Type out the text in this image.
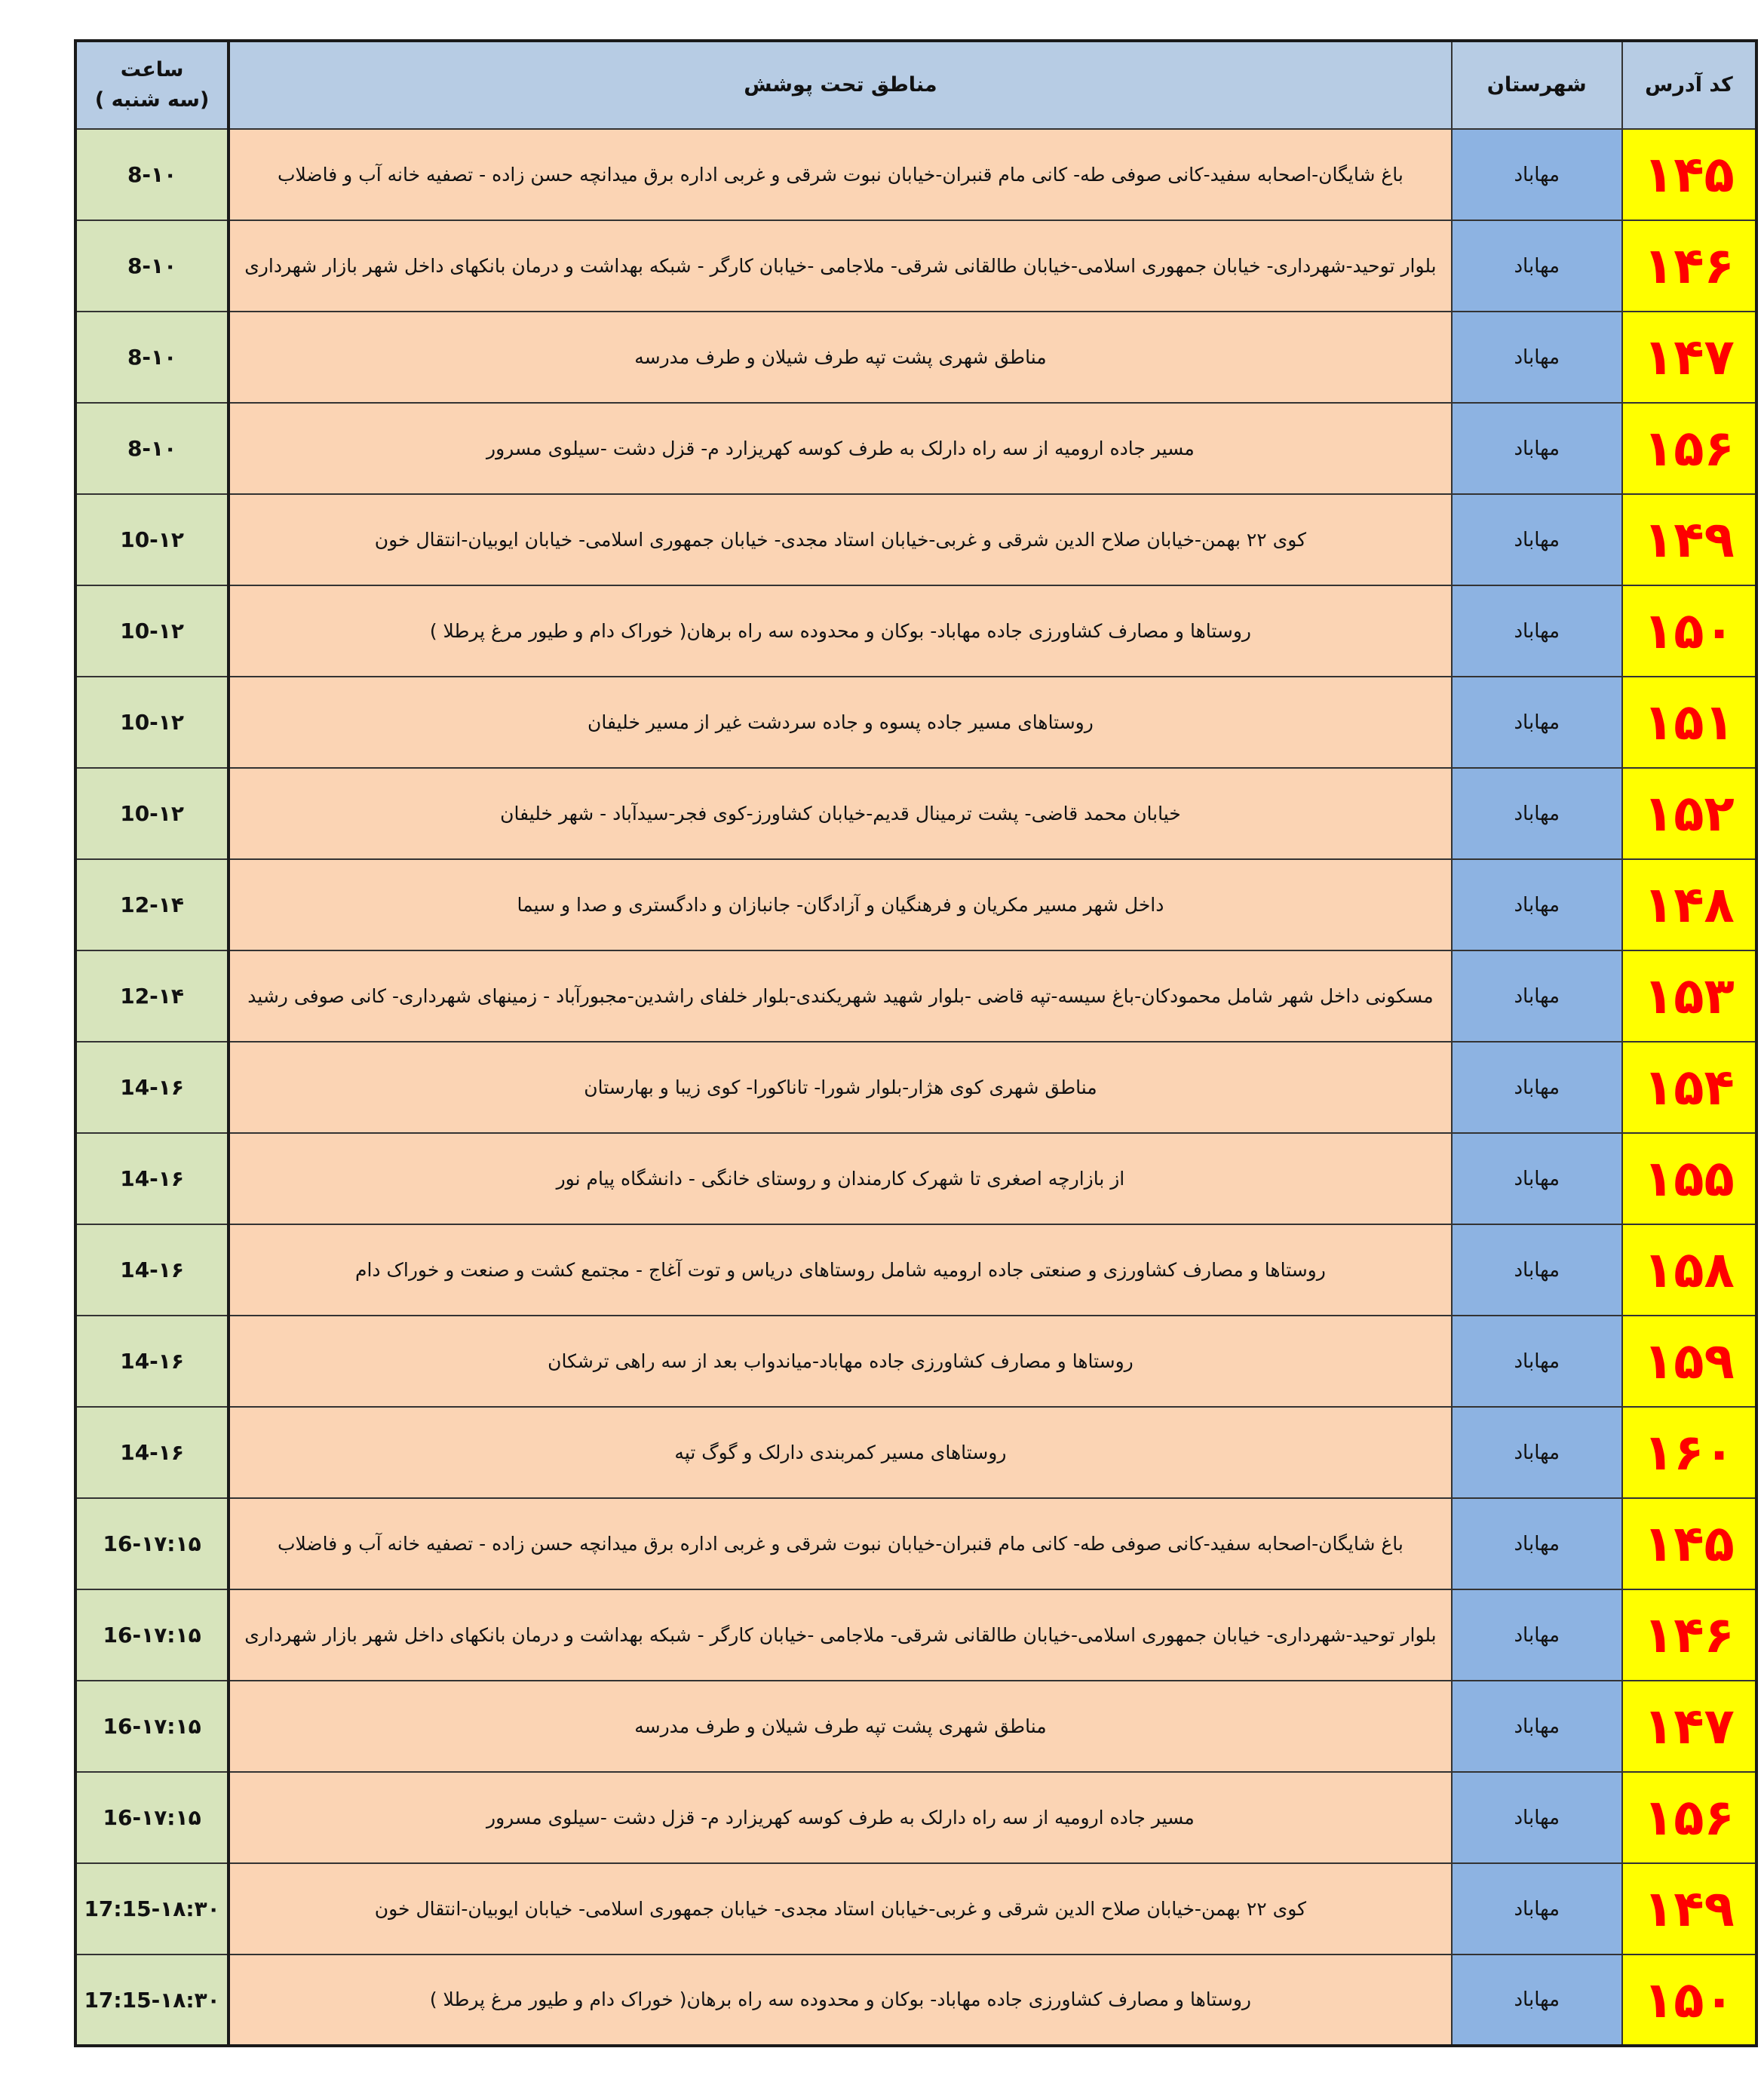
کد آدرس	شهرستان	مناطق تحت پوشش	ساعت
(سه شنبه )

۱۴۵	مهاباد	باغ شایگان-اصحابه سفید-کانی صوفی طه- کانی مام قنبران-خیابان نبوت شرقی و غربی اداره برق میدانچه حسن زاده - تصفیه خانه آب و فاضلاب	8-۱۰
۱۴۶	مهاباد	بلوار توحید-شهرداری- خیابان جمهوری اسلامی-خیابان طالقانی شرقی- ملاجامی -خیابان کارگر - شبکه بهداشت و درمان بانکهای داخل شهر بازار شهرداری	8-۱۰
۱۴۷	مهاباد	مناطق شهری پشت تپه طرف شیلان و طرف مدرسه	8-۱۰
۱۵۶	مهاباد	مسیر جاده ارومیه از سه راه دارلک به طرف کوسه کهریزارد م- قزل دشت -سیلوی مسرور	8-۱۰
۱۴۹	مهاباد	کوی ۲۲ بهمن-خیابان صلاح الدین شرقی و غربی-خیابان استاد مجدی- خیابان جمهوری اسلامی- خیابان ایوبیان-انتقال خون	10-۱۲
۱۵۰	مهاباد	روستاها و مصارف کشاورزی جاده مهاباد- بوکان و محدوده سه راه برهان( خوراک دام و طیور مرغ پرطلا )	10-۱۲
۱۵۱	مهاباد	روستاهای مسیر جاده پسوه و جاده سردشت غیر از مسیر خلیفان	10-۱۲
۱۵۲	مهاباد	خیابان محمد قاضی- پشت ترمینال قدیم-خیابان کشاورز-کوی فجر-سیدآباد - شهر خلیفان	10-۱۲
۱۴۸	مهاباد	داخل شهر مسیر مکریان و فرهنگیان و آزادگان- جانبازان و دادگستری و صدا و سیما	12-۱۴
۱۵۳	مهاباد	مسکونی داخل شهر شامل محمودکان-باغ سیسه-تپه قاضی -بلوار شهید شهریکندی-بلوار خلفای راشدین-مجبورآباد - زمینهای شهرداری- کانی صوفی رشید	12-۱۴
۱۵۴	مهاباد	مناطق شهری کوی هژار-بلوار شورا- تاناکورا- کوی زیبا و بهارستان	14-۱۶
۱۵۵	مهاباد	از بازارچه اصغری تا شهرک کارمندان و روستای خانگی - دانشگاه پیام نور	14-۱۶
۱۵۸	مهاباد	روستاها و مصارف کشاورزی و صنعتی جاده ارومیه شامل روستاهای دریاس و توت آغاج - مجتمع کشت و صنعت و خوراک دام	14-۱۶
۱۵۹	مهاباد	روستاها و مصارف کشاورزی جاده مهاباد-میاندواب بعد از سه راهی ترشکان	14-۱۶
۱۶۰	مهاباد	روستاهای مسیر کمربندی دارلک و گوگ تپه	14-۱۶
۱۴۵	مهاباد	باغ شایگان-اصحابه سفید-کانی صوفی طه- کانی مام قنبران-خیابان نبوت شرقی و غربی اداره برق میدانچه حسن زاده - تصفیه خانه آب و فاضلاب	16-۱۷:۱۵
۱۴۶	مهاباد	بلوار توحید-شهرداری- خیابان جمهوری اسلامی-خیابان طالقانی شرقی- ملاجامی -خیابان کارگر - شبکه بهداشت و درمان بانکهای داخل شهر بازار شهرداری	16-۱۷:۱۵
۱۴۷	مهاباد	مناطق شهری پشت تپه طرف شیلان و طرف مدرسه	16-۱۷:۱۵
۱۵۶	مهاباد	مسیر جاده ارومیه از سه راه دارلک به طرف کوسه کهریزارد م- قزل دشت -سیلوی مسرور	16-۱۷:۱۵
۱۴۹	مهاباد	کوی ۲۲ بهمن-خیابان صلاح الدین شرقی و غربی-خیابان استاد مجدی- خیابان جمهوری اسلامی- خیابان ایوبیان-انتقال خون	17:15-۱۸:۳۰
۱۵۰	مهاباد	روستاها و مصارف کشاورزی جاده مهاباد- بوکان و محدوده سه راه برهان( خوراک دام و طیور مرغ پرطلا )	17:15-۱۸:۳۰
